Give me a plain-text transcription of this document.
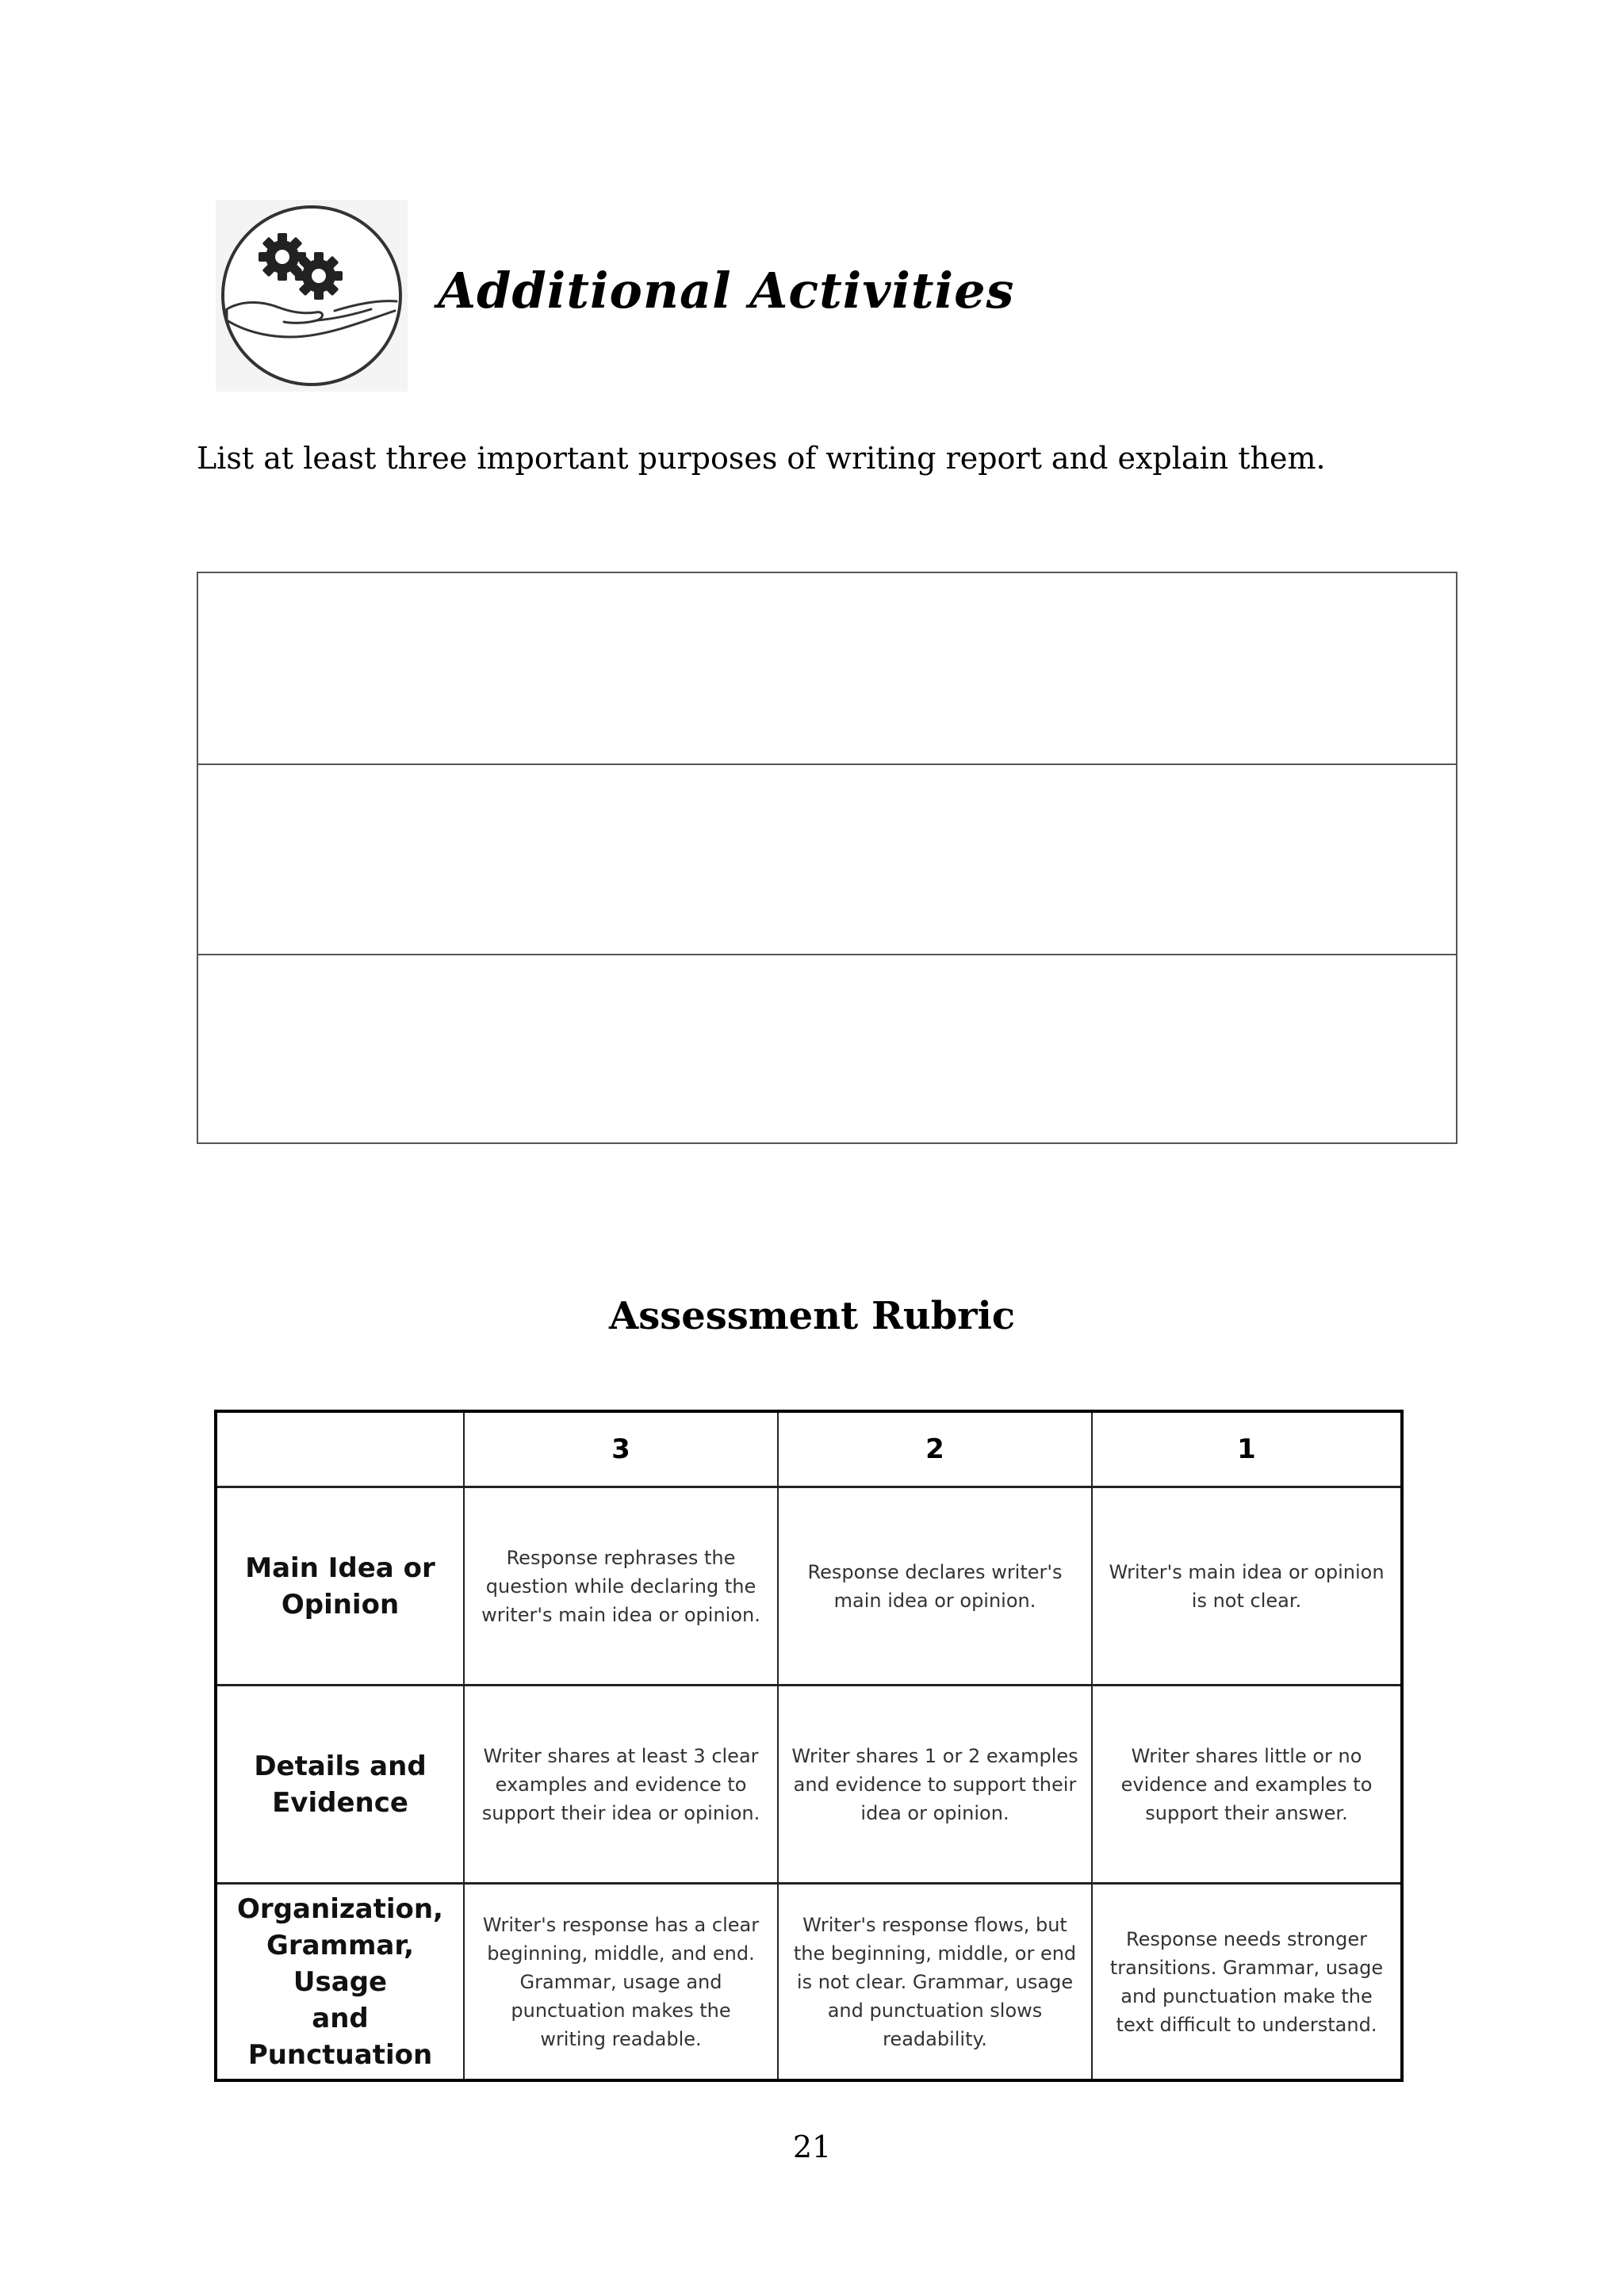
Additional Activities
List at least three important purposes of writing report and explain them.
Assessment Rubric
3	2	1
Main Idea or
Opinion
Response rephrases the
question while declaring the
writer's main idea or opinion.
Response declares writer's
main idea or opinion.
Writer's main idea or opinion
is not clear.
Details and
Evidence
Writer shares at least 3 clear
examples and evidence to
support their idea or opinion.
Writer shares 1 or 2 examples
and evidence to support their
idea or opinion.
Writer shares little or no
evidence and examples to
support their answer.
Organization,
Grammar, Usage
and Punctuation
Writer's response has a clear
beginning, middle, and end.
Grammar, usage and
punctuation makes the
writing readable.
Writer's response flows, but
the beginning, middle, or end
is not clear. Grammar, usage
and punctuation slows
readability.
Response needs stronger
transitions. Grammar, usage
and punctuation make the
text difficult to understand.
21
